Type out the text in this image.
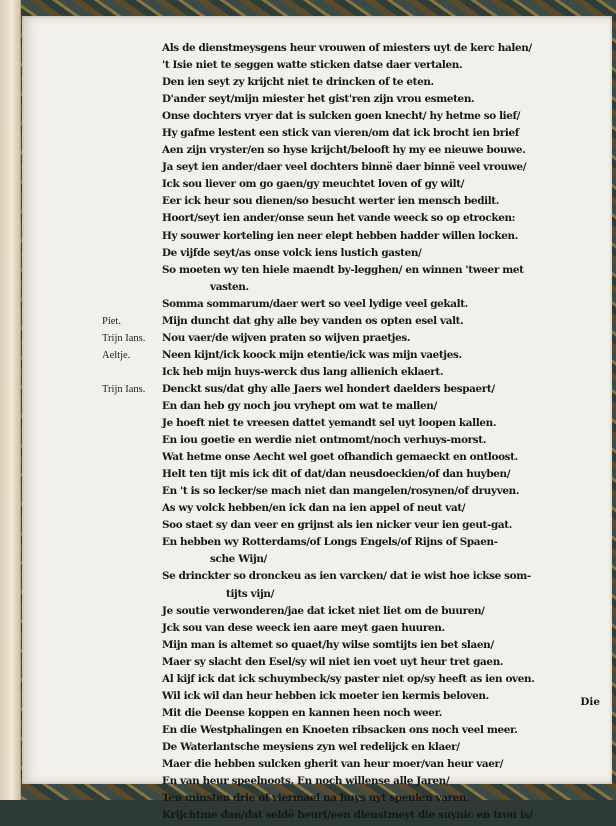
Als de dienstmeysgens heur vrouwen of miesters uyt de kerc halen/
't Isie niet te seggen watte sticken datse daer vertalen.
Den ien seyt zy krijcht niet te drincken of te eten.
D'ander seyt/mijn miester het gist'ren zijn vrou esmeten.
Onse dochters vryer dat is sulcken goen knecht/ hy hetme so lief/
Hy gafme lestent een stick van vieren/om dat ick brocht ien brief
Aen zijn vryster/en so hyse krijcht/belooft hy my ee nieuwe bouwe.
Ja seyt ien ander/daer veel dochters binnë daer binnë veel vrouwe/
Ick sou liever om go gaen/gy meuchtet loven of gy wilt/
Eer ick heur sou dienen/so besucht werter ien mensch bedilt.
Hoort/seyt ien ander/onse seun het vande weeck so op etrocken:
Hy souwer korteling ien neer elept hebben hadder willen locken.
De vijfde seyt/as onse volck iens lustich gasten/
So moeten wy ten hiele maendt by-legghen/ en winnen 'tweer met
vasten.
Somma sommarum/daer wert so veel lydige veel gekalt.
Piet.	Mijn duncht dat ghy alle bey vanden os opten esel valt.
Trijn Ians. Nou vaer/de wijven praten so wijven praetjes.
Aeltje.	Neen kijnt/ick koock mijn etentie/ick was mijn vaetjes.
Ick heb mijn huys-werck dus lang allienich eklaert.
Trijn Ians. Denckt sus/dat ghy alle Jaers wel hondert daelders bespaert/
En dan heb gy noch jou vryhept om wat te mallen/
Je hoeft niet te vreesen dattet yemandt sel uyt loopen kallen.
En iou goetie en werdie niet ontmomt/noch verhuys-morst.
Wat hetme onse Aecht wel goet ofhandich gemaeckt en ontloost.
Helt ten tijt mis ick dit of dat/dan neusdoeckien/of dan huyben/
En 't is so lecker/se mach niet dan mangelen/rosynen/of druyven.
As wy volck hebben/en ick dan na ien appel of neut vat/
Soo staet sy dan veer en grijnst als ien nicker veur ien geut-gat.
En hebben wy Rotterdams/of Longs Engels/of Rijns of Spaen-
sche Wijn/
Se drinckter so dronckeu as ien varcken/ dat ie wist hoe ickse som-
tijts vijn/
Je soutie verwonderen/jae dat icket niet liet om de buuren/
Jck sou van dese weeck ien aare meyt gaen huuren.
Mijn man is altemet so quaet/hy wilse somtijts ien bet slaen/
Maer sy slacht den Esel/sy wil niet ien voet uyt heur tret gaen.
Al kijf ick dat ick schuymbeck/sy paster niet op/sy heeft as ien oven.
Wil ick wil dan heur hebben ick moeter ien kermis beloven.
Mit die Deense koppen en kannen heen noch weer.
En die Westphalingen en Knoeten ribsacken ons noch veel meer.
De Waterlantsche meysiens zyn wel redelijck en klaer/
Maer die hebben sulcken gherit van heur moer/van heur vaer/
En van heur speelnoots. En noch willense alle Jaren/
Ten minsten drie of viermael na huys uyt speulen varen.
Krijchtme dan/dat seldë beurt/een dienstmeyt die suynic en trou is/
Die
